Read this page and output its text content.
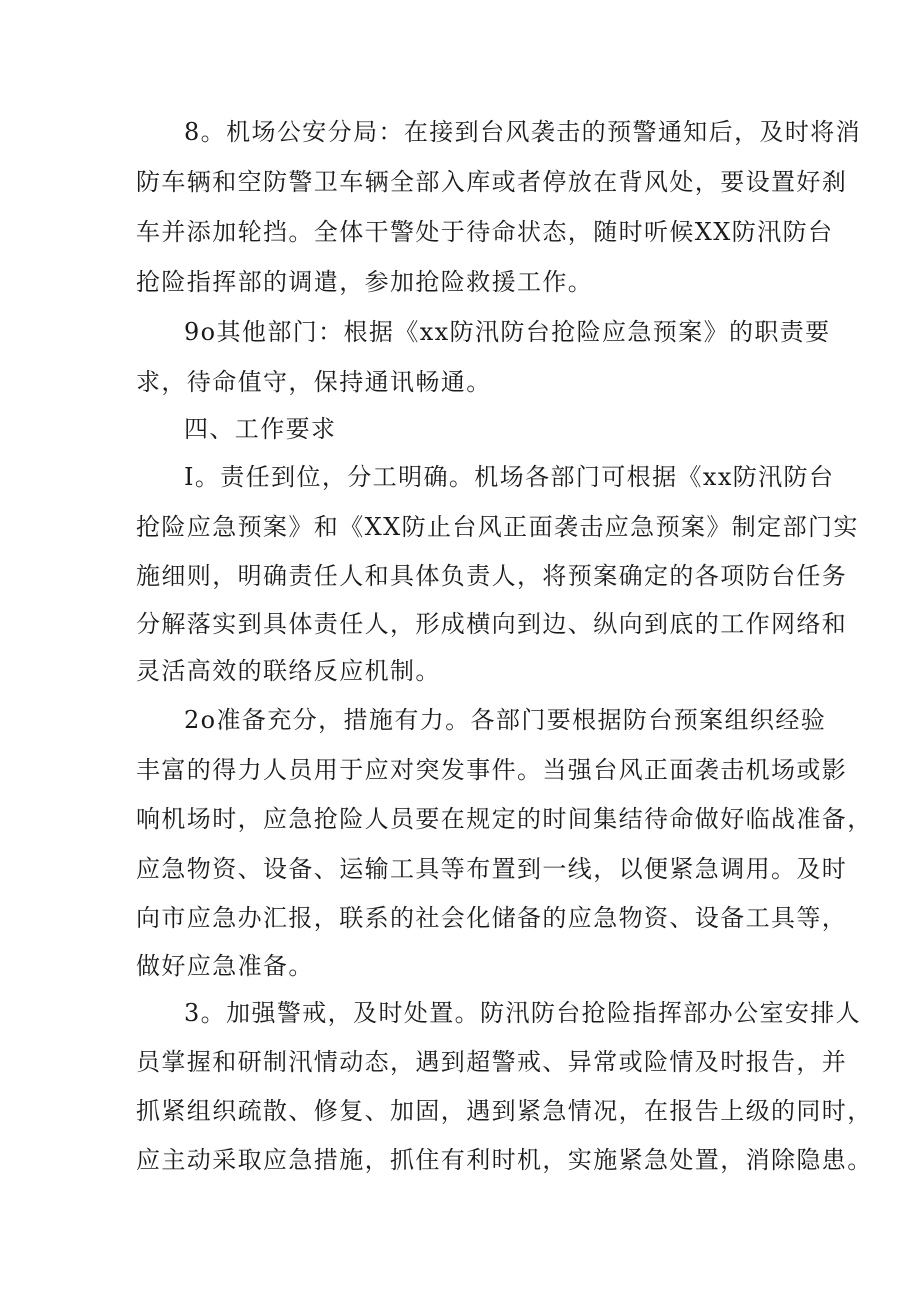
8。机场公安分局：在接到台风袭击的预警通知后，及时将消
防车辆和空防警卫车辆全部入库或者停放在背风处，要设置好刹
车并添加轮挡。全体干警处于待命状态，随时听候XX防汛防台
抢险指挥部的调遣，参加抢险救援工作。
9o其他部门：根据《xx防汛防台抢险应急预案》的职责要
求，待命值守，保持通讯畅通。
四、工作要求
I。责任到位，分工明确。机场各部门可根据《xx防汛防台
抢险应急预案》和《XX防止台风正面袭击应急预案》制定部门实
施细则，明确责任人和具体负责人，将预案确定的各项防台任务
分解落实到具体责任人，形成横向到边、纵向到底的工作网络和
灵活高效的联络反应机制。
2o准备充分，措施有力。各部门要根据防台预案组织经验
丰富的得力人员用于应对突发事件。当强台风正面袭击机场或影
响机场时，应急抢险人员要在规定的时间集结待命做好临战准备，
应急物资、设备、运输工具等布置到一线，以便紧急调用。及时
向市应急办汇报，联系的社会化储备的应急物资、设备工具等，
做好应急准备。
3。加强警戒，及时处置。防汛防台抢险指挥部办公室安排人
员掌握和研制汛情动态，遇到超警戒、异常或险情及时报告，并
抓紧组织疏散、修复、加固，遇到紧急情况，在报告上级的同时，
应主动采取应急措施，抓住有利时机，实施紧急处置，消除隐患。
